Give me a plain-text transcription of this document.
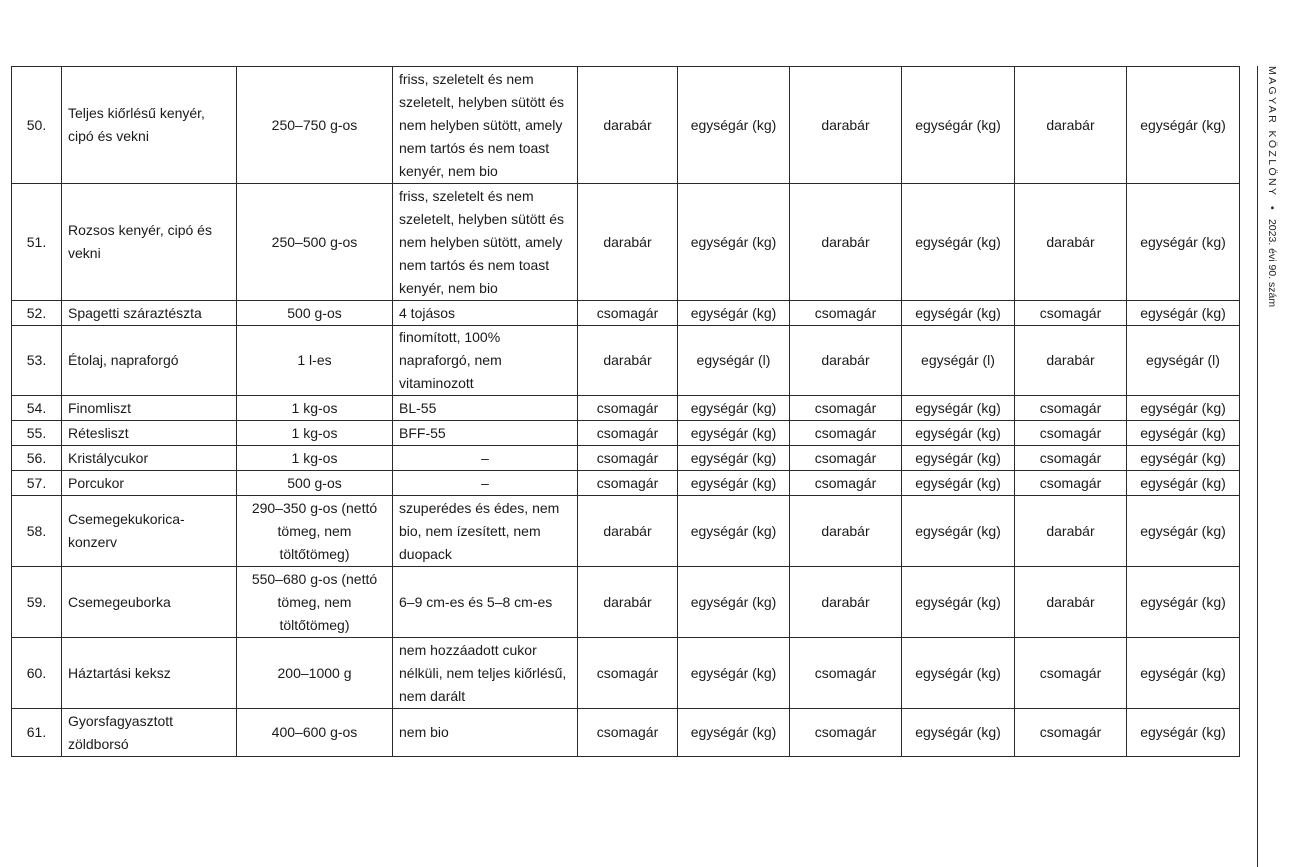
50.	Teljes kiőrlésű kenyér, cipó és vekni	250–750 g-os	friss, szeletelt és nem szeletelt, helyben sütött és nem helyben sütött, amely nem tartós és nem toast kenyér, nem bio	darabár	egységár (kg)	darabár	egységár (kg)	darabár	egységár (kg)
51.	Rozsos kenyér, cipó és vekni	250–500 g-os	friss, szeletelt és nem szeletelt, helyben sütött és nem helyben sütött, amely nem tartós és nem toast kenyér, nem bio	darabár	egységár (kg)	darabár	egységár (kg)	darabár	egységár (kg)
52.	Spagetti száraztészta	500 g-os	4 tojásos	csomagár	egységár (kg)	csomagár	egységár (kg)	csomagár	egységár (kg)
53.	Étolaj, napraforgó	1 l-es	finomított, 100% napraforgó, nem vitaminozott	darabár	egységár (l)	darabár	egységár (l)	darabár	egységár (l)
54.	Finomliszt	1 kg-os	BL-55	csomagár	egységár (kg)	csomagár	egységár (kg)	csomagár	egységár (kg)
55.	Rétesliszt	1 kg-os	BFF-55	csomagár	egységár (kg)	csomagár	egységár (kg)	csomagár	egységár (kg)
56.	Kristálycukor	1 kg-os	–	csomagár	egységár (kg)	csomagár	egységár (kg)	csomagár	egységár (kg)
57.	Porcukor	500 g-os	–	csomagár	egységár (kg)	csomagár	egységár (kg)	csomagár	egységár (kg)
58.	Csemegekukorica-konzerv	290–350 g-os (nettó tömeg, nem töltőtömeg)	szuperédes és édes, nem bio, nem ízesített, nem duopack	darabár	egységár (kg)	darabár	egységár (kg)	darabár	egységár (kg)
59.	Csemegeuborka	550–680 g-os (nettó tömeg, nem töltőtömeg)	6–9 cm-es és 5–8 cm-es	darabár	egységár (kg)	darabár	egységár (kg)	darabár	egységár (kg)
60.	Háztartási keksz	200–1000 g	nem hozzáadott cukor nélküli, nem teljes kiőrlésű, nem darált	csomagár	egységár (kg)	csomagár	egységár (kg)	csomagár	egységár (kg)
61.	Gyorsfagyasztott zöldborsó	400–600 g-os	nem bio	csomagár	egységár (kg)	csomagár	egységár (kg)	csomagár	egységár (kg)
MAGYAR KÖZLÖNY • 2023. évi 90. szám
